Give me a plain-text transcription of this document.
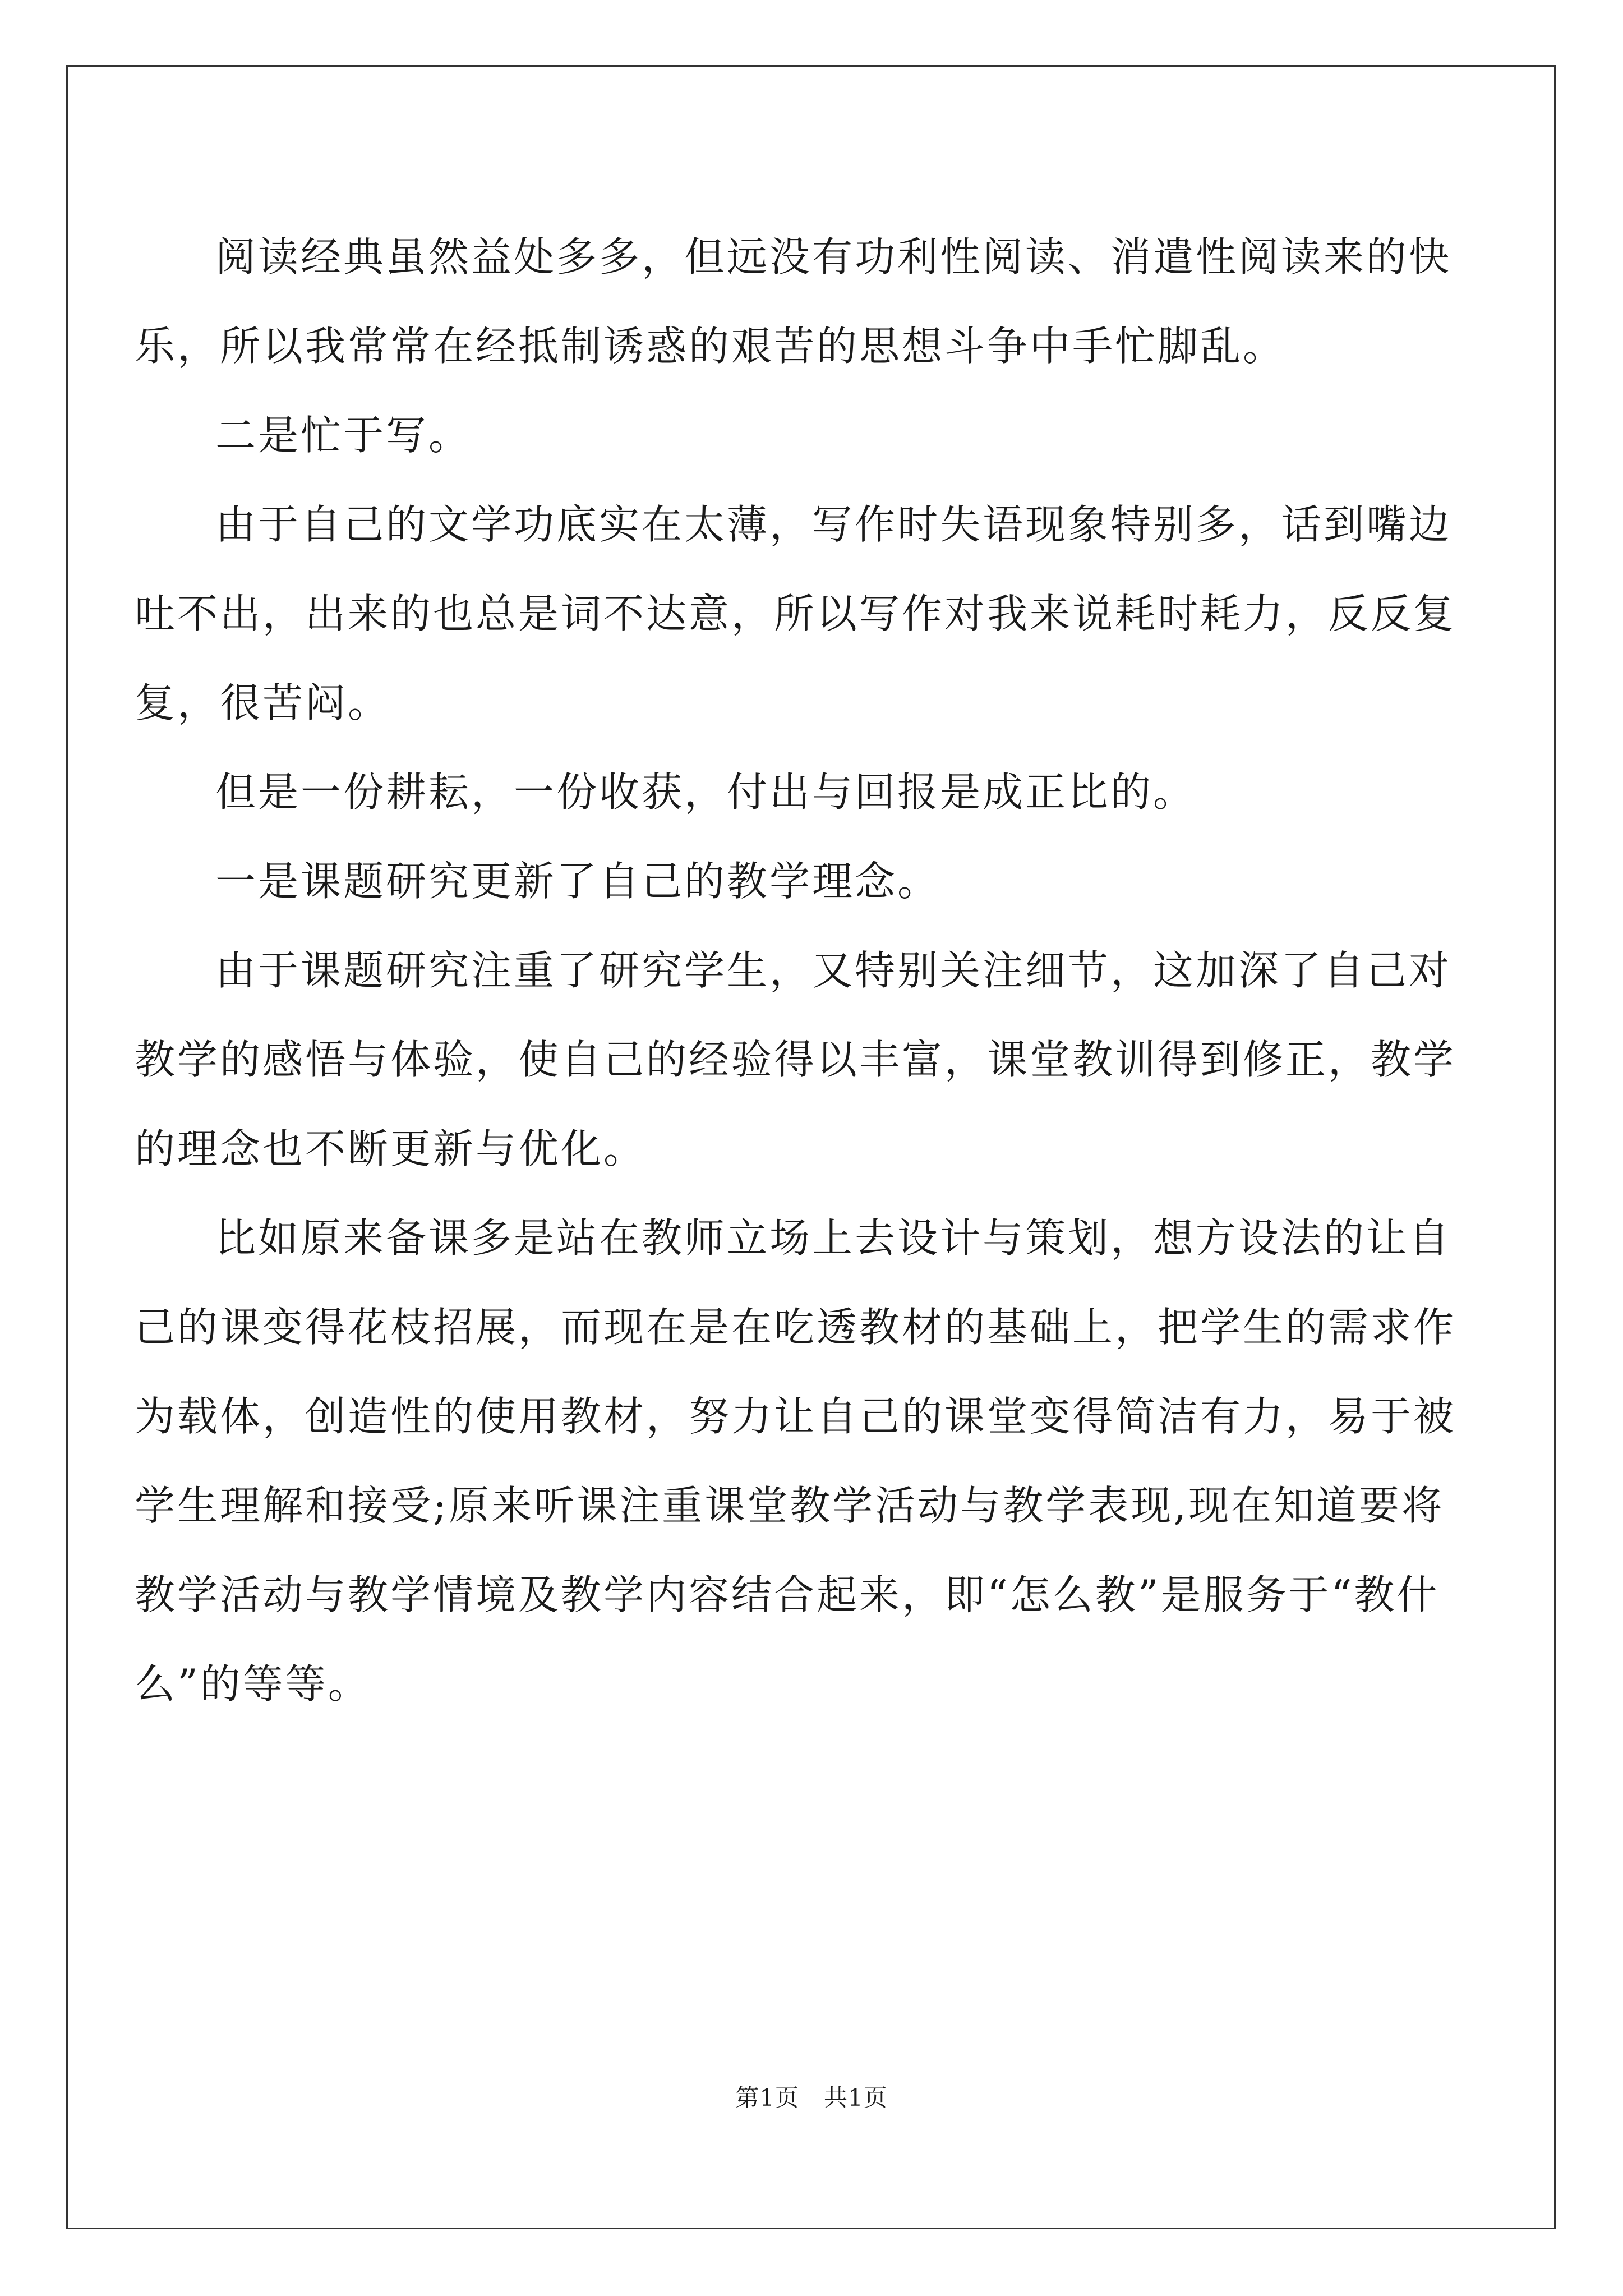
阅读经典虽然益处多多，但远没有功利性阅读、消遣性阅读来的快乐，所以我常常在经抵制诱惑的艰苦的思想斗争中手忙脚乱。

二是忙于写。

由于自己的文学功底实在太薄，写作时失语现象特别多，话到嘴边吐不出，出来的也总是词不达意，所以写作对我来说耗时耗力，反反复复，很苦闷。

但是一份耕耘，一份收获，付出与回报是成正比的。

一是课题研究更新了自己的教学理念。

由于课题研究注重了研究学生，又特别关注细节，这加深了自己对教学的感悟与体验，使自己的经验得以丰富，课堂教训得到修正，教学的理念也不断更新与优化。

比如原来备课多是站在教师立场上去设计与策划，想方设法的让自己的课变得花枝招展，而现在是在吃透教材的基础上，把学生的需求作为载体，创造性的使用教材，努力让自己的课堂变得简洁有力，易于被学生理解和接受;原来听课注重课堂教学活动与教学表现,现在知道要将教学活动与教学情境及教学内容结合起来，即“怎么教”是服务于“教什么”的等等。

第1页 共1页
